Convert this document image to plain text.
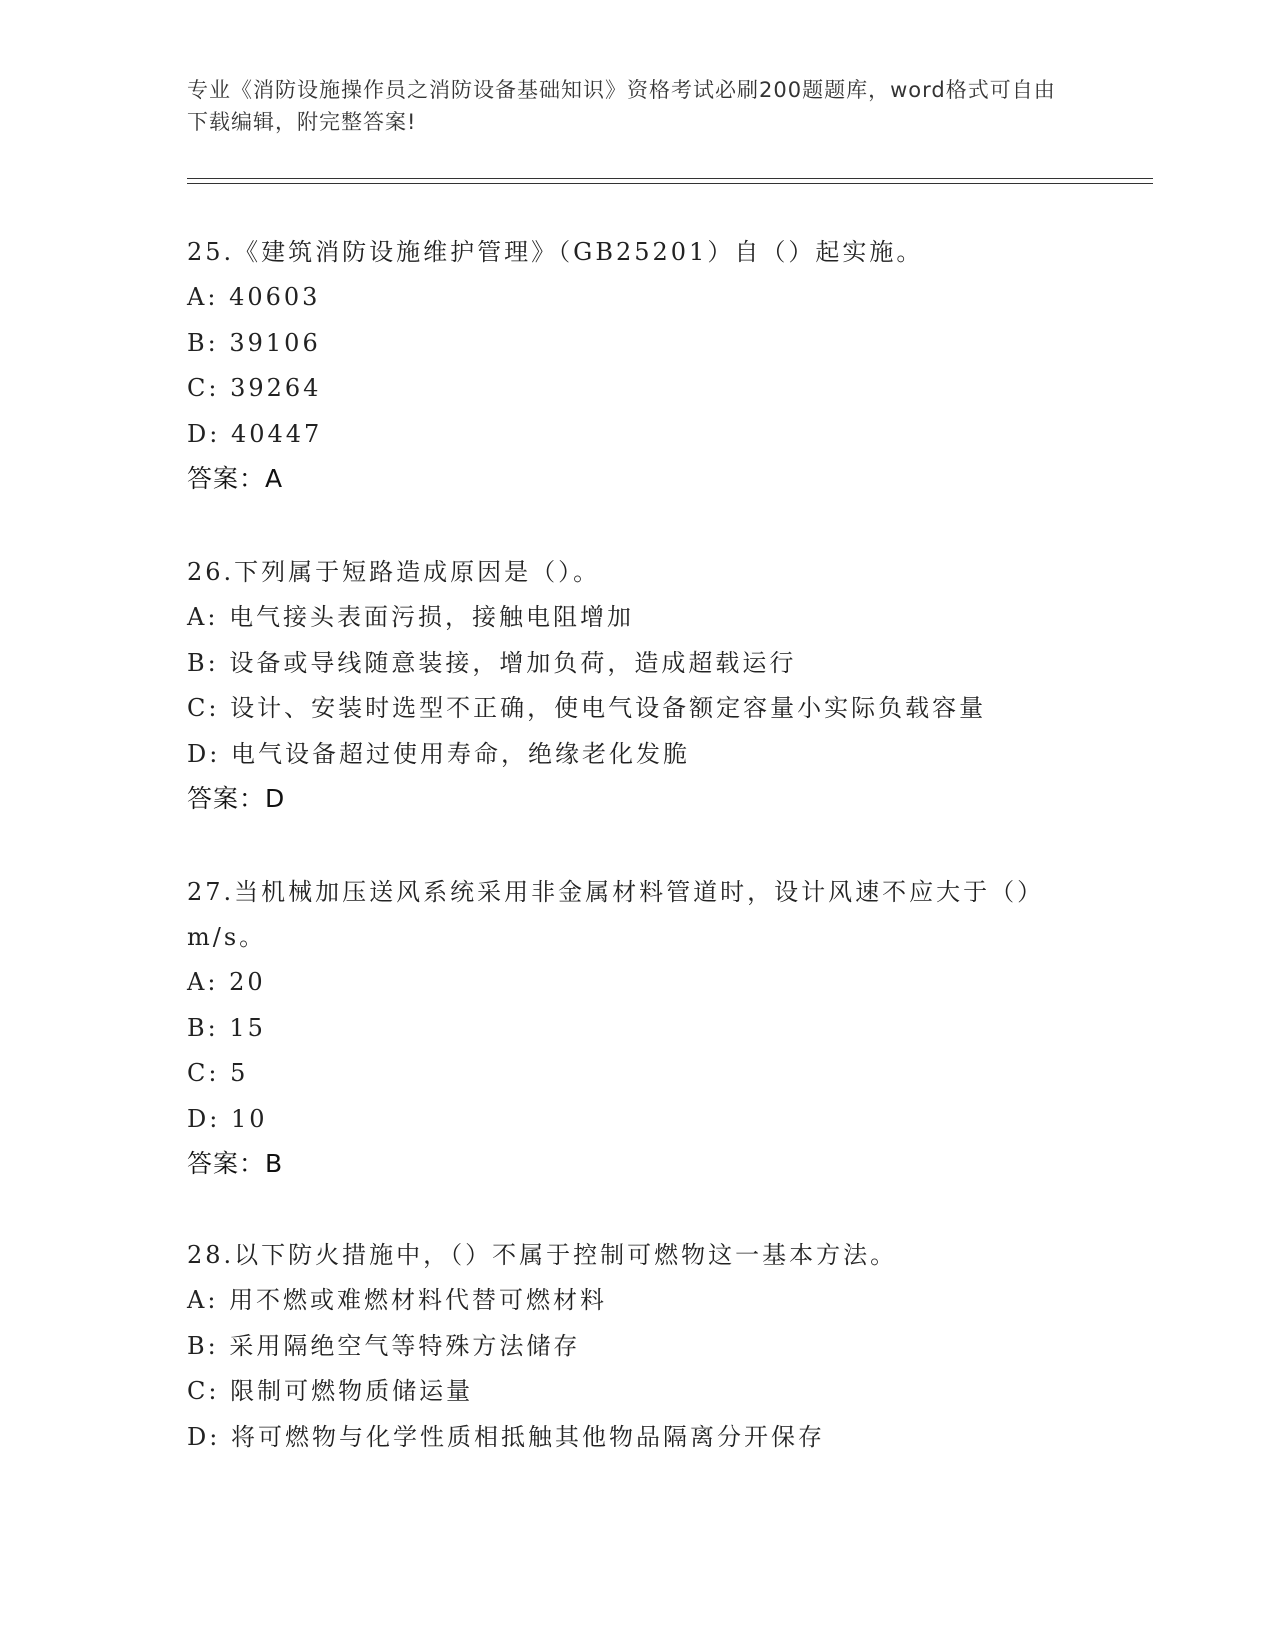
专业《消防设施操作员之消防设备基础知识》资格考试必刷200题题库，word格式可自由下载编辑，附完整答案!
25.《建筑消防设施维护管理》（GB25201）自（）起实施。
A: 40603
B: 39106
C: 39264
D: 40447
答案：A
26.下列属于短路造成原因是（）。
A: 电气接头表面污损，接触电阻增加
B: 设备或导线随意装接，增加负荷，造成超载运行
C: 设计、安装时选型不正确，使电气设备额定容量小实际负载容量
D: 电气设备超过使用寿命，绝缘老化发脆
答案：D
27.当机械加压送风系统采用非金属材料管道时，设计风速不应大于（）m/s。
A: 20
B: 15
C: 5
D: 10
答案：B
28.以下防火措施中，（）不属于控制可燃物这一基本方法。
A: 用不燃或难燃材料代替可燃材料
B: 采用隔绝空气等特殊方法储存
C: 限制可燃物质储运量
D: 将可燃物与化学性质相抵触其他物品隔离分开保存
